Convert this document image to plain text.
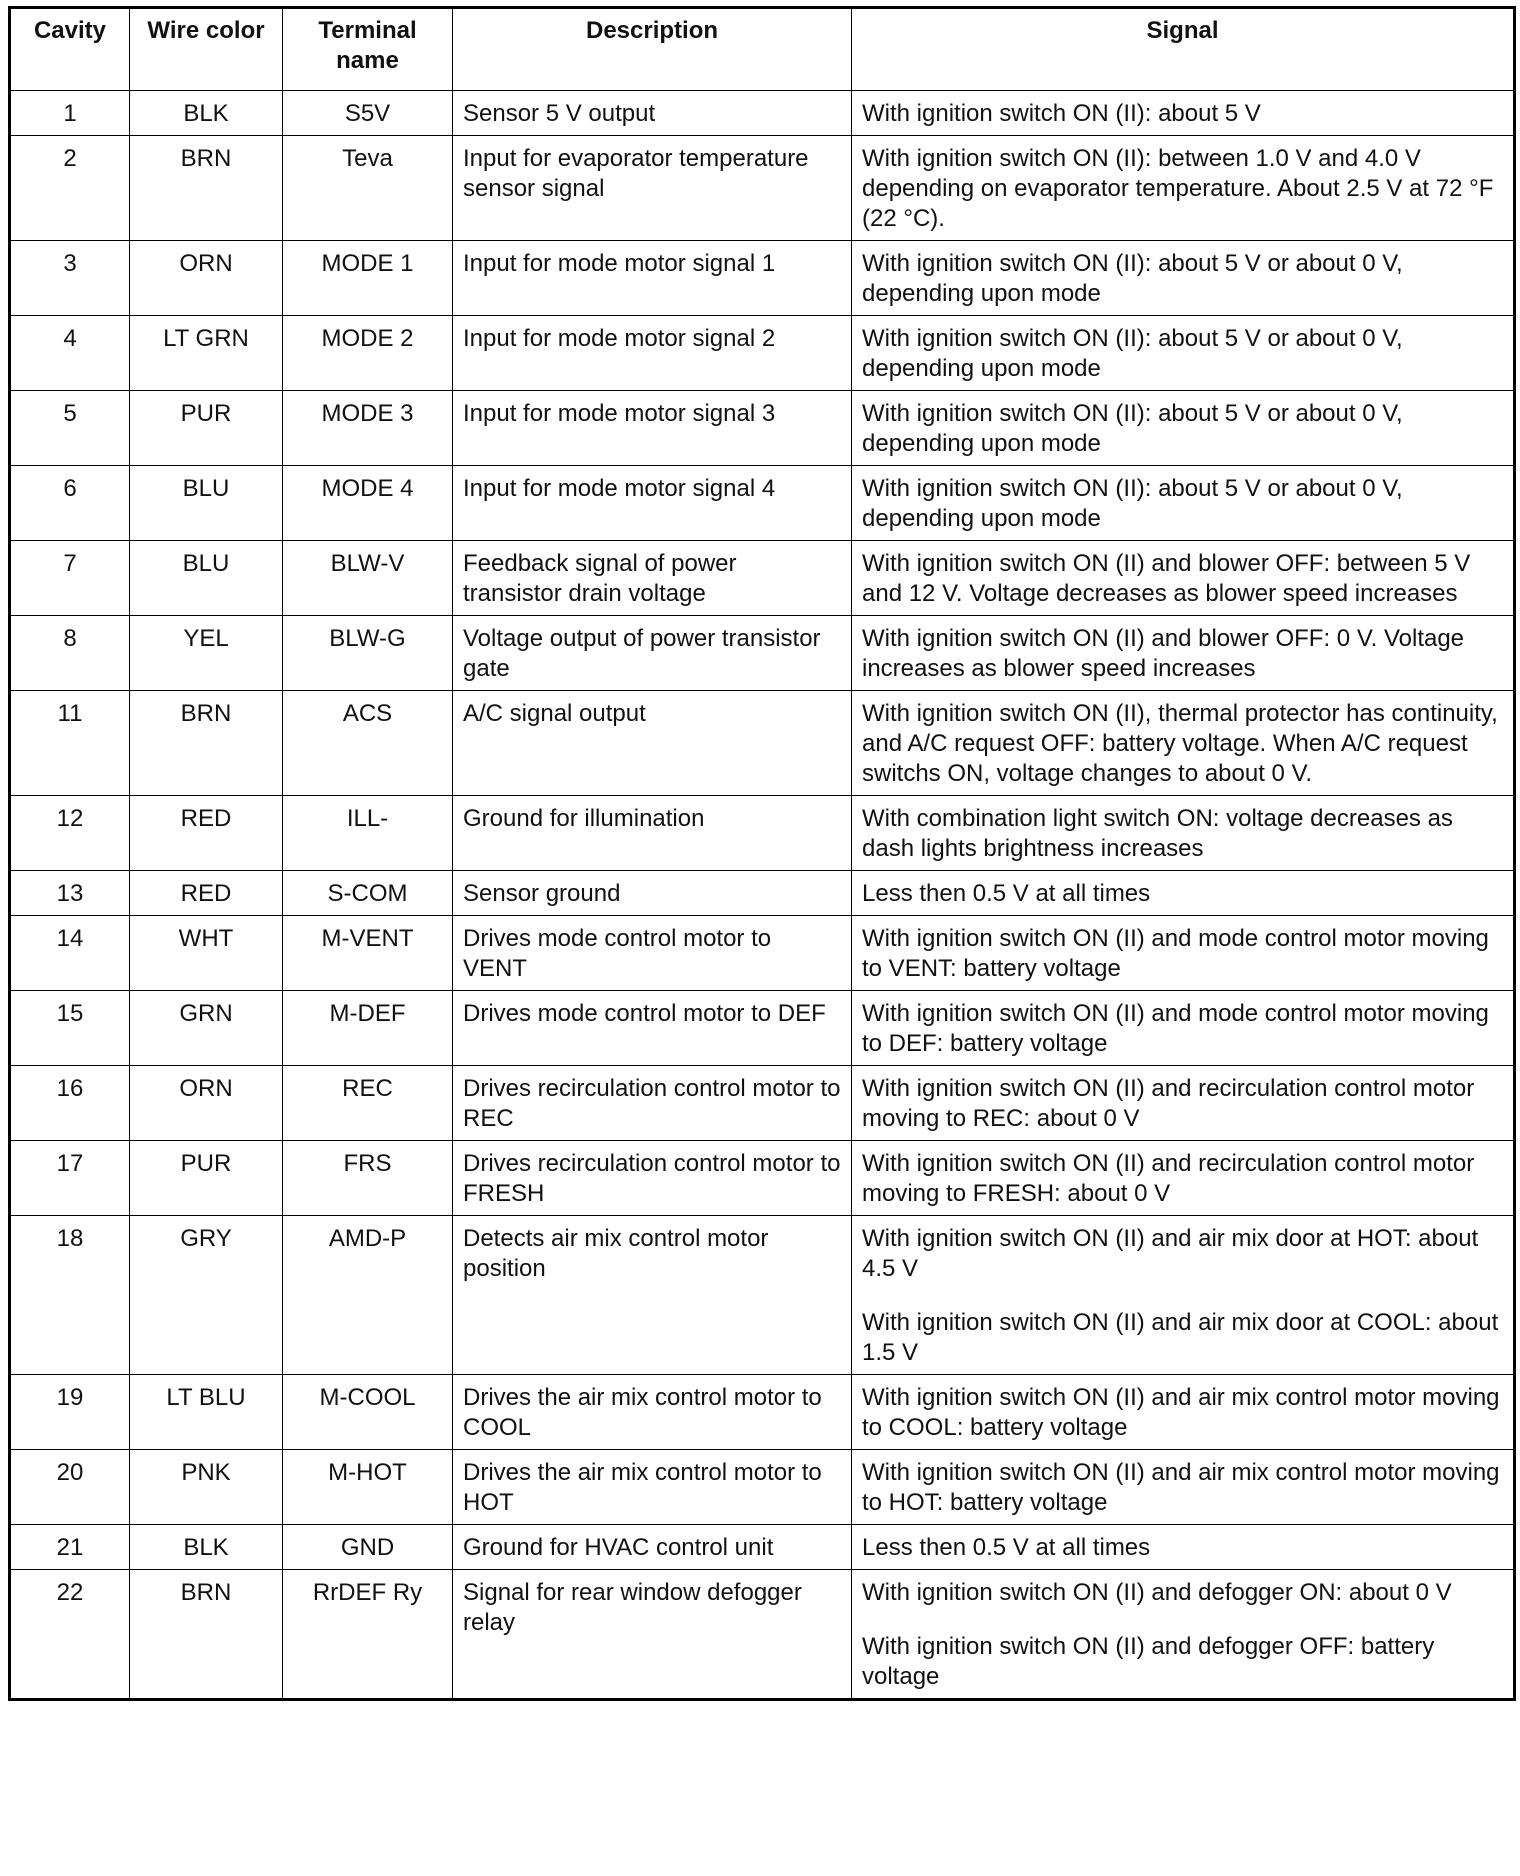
Cavity	Wire color	Terminal name	Description	Signal
1	BLK	S5V	Sensor 5 V output	With ignition switch ON (II): about 5 V

2	BRN	Teva	Input for evaporator temperature sensor signal	With ignition switch ON (II): between 1.0 V and 4.0 V depending on evaporator temperature. About 2.5 V at 72 °F (22 °C).

3	ORN	MODE 1	Input for mode motor signal 1	With ignition switch ON (II): about 5 V or about 0 V, depending upon mode

4	LT GRN	MODE 2	Input for mode motor signal 2	With ignition switch ON (II): about 5 V or about 0 V, depending upon mode

5	PUR	MODE 3	Input for mode motor signal 3	With ignition switch ON (II): about 5 V or about 0 V, depending upon mode

6	BLU	MODE 4	Input for mode motor signal 4	With ignition switch ON (II): about 5 V or about 0 V, depending upon mode

7	BLU	BLW-V	Feedback signal of power transistor drain voltage	With ignition switch ON (II) and blower OFF: between 5 V and 12 V. Voltage decreases as blower speed increases

8	YEL	BLW-G	Voltage output of power transistor gate	With ignition switch ON (II) and blower OFF: 0 V. Voltage increases as blower speed increases

11	BRN	ACS	A/C signal output	With ignition switch ON (II), thermal protector has continuity, and A/C request OFF: battery voltage. When A/C request switchs ON, voltage changes to about 0 V.

12	RED	ILL-	Ground for illumination	With combination light switch ON: voltage decreases as dash lights brightness increases

13	RED	S-COM	Sensor ground	Less then 0.5 V at all times

14	WHT	M-VENT	Drives mode control motor to VENT	With ignition switch ON (II) and mode control motor moving to VENT: battery voltage

15	GRN	M-DEF	Drives mode control motor to DEF	With ignition switch ON (II) and mode control motor moving to DEF: battery voltage

16	ORN	REC	Drives recirculation control motor to REC	With ignition switch ON (II) and recirculation control motor moving to REC: about 0 V

17	PUR	FRS	Drives recirculation control motor to FRESH	With ignition switch ON (II) and recirculation control motor moving to FRESH: about 0 V

18	GRY	AMD-P	Detects air mix control motor position	With ignition switch ON (II) and air mix door at HOT: about 4.5 V
With ignition switch ON (II) and air mix door at COOL: about 1.5 V

19	LT BLU	M-COOL	Drives the air mix control motor to COOL	With ignition switch ON (II) and air mix control motor moving to COOL: battery voltage

20	PNK	M-HOT	Drives the air mix control motor to HOT	With ignition switch ON (II) and air mix control motor moving to HOT: battery voltage

21	BLK	GND	Ground for HVAC control unit	Less then 0.5 V at all times

22	BRN	RrDEF Ry	Signal for rear window defogger relay	With ignition switch ON (II) and defogger ON: about 0 V
With ignition switch ON (II) and defogger OFF: battery voltage
